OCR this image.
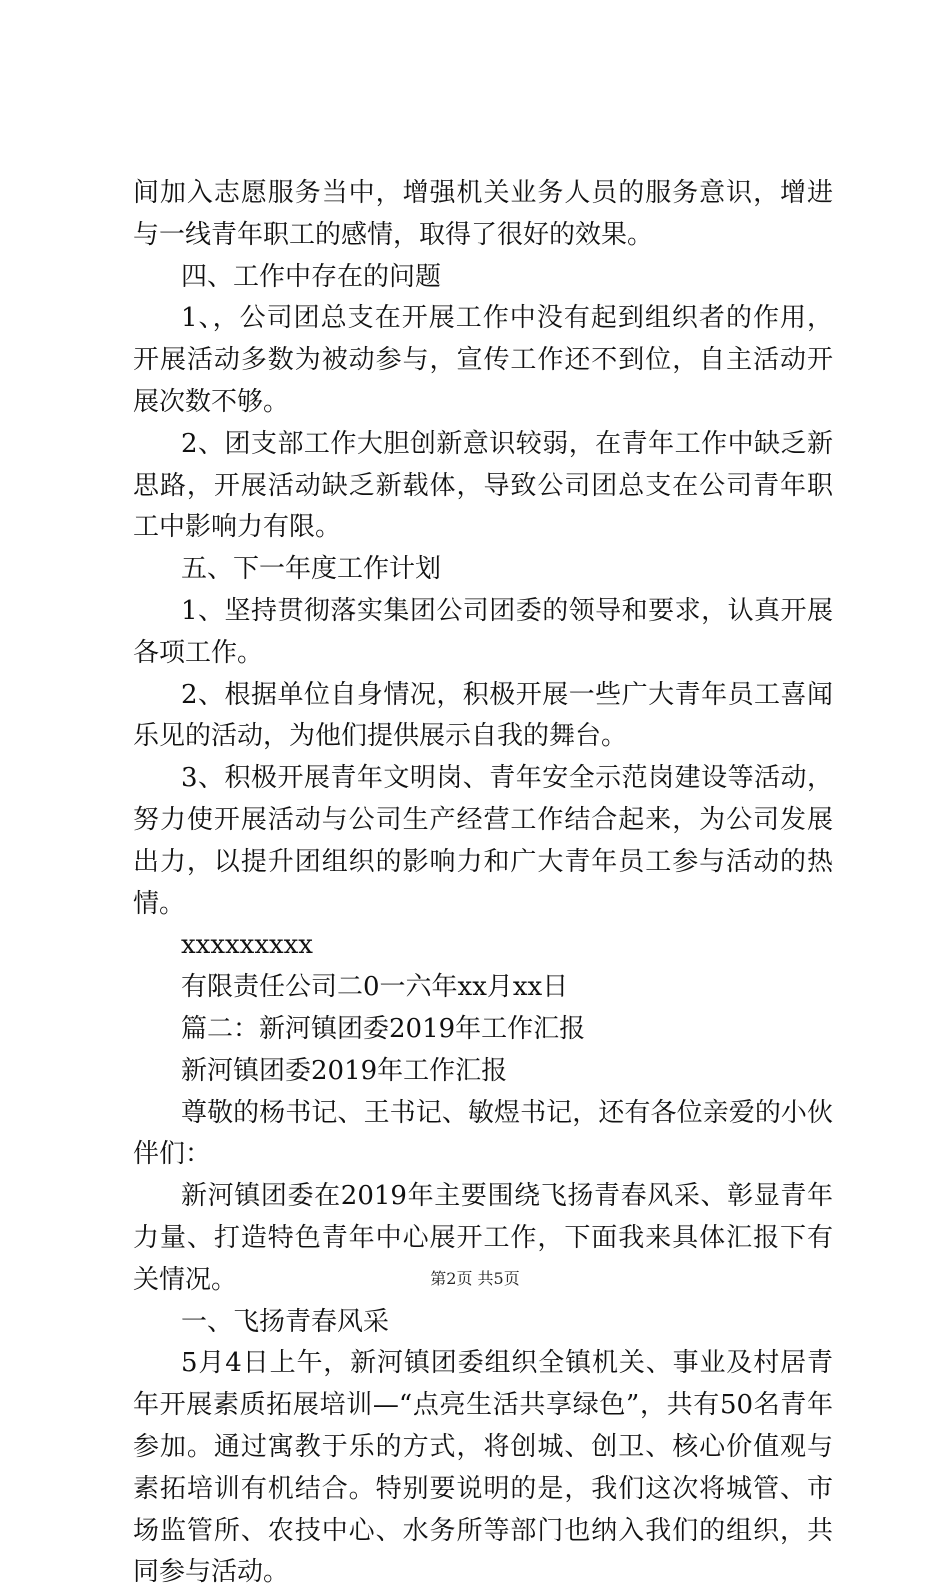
间加入志愿服务当中，增强机关业务人员的服务意识，增进与一线青年职工的感情，取得了很好的效果。

四、工作中存在的问题

1、，公司团总支在开展工作中没有起到组织者的作用，开展活动多数为被动参与，宣传工作还不到位，自主活动开展次数不够。

2、团支部工作大胆创新意识较弱，在青年工作中缺乏新思路，开展活动缺乏新载体，导致公司团总支在公司青年职工中影响力有限。

五、下一年度工作计划

1、坚持贯彻落实集团公司团委的领导和要求，认真开展各项工作。

2、根据单位自身情况，积极开展一些广大青年员工喜闻乐见的活动，为他们提供展示自我的舞台。

3、积极开展青年文明岗、青年安全示范岗建设等活动，努力使开展活动与公司生产经营工作结合起来，为公司发展出力，以提升团组织的影响力和广大青年员工参与活动的热情。

xxxxxxxxx

有限责任公司二0一六年xx月xx日

篇二：新河镇团委2019年工作汇报

新河镇团委2019年工作汇报

尊敬的杨书记、王书记、敏煜书记，还有各位亲爱的小伙伴们：

新河镇团委在2019年主要围绕飞扬青春风采、彰显青年力量、打造特色青年中心展开工作，下面我来具体汇报下有关情况。

一、飞扬青春风采

5月4日上午，新河镇团委组织全镇机关、事业及村居青年开展素质拓展培训—“点亮生活共享绿色”，共有50名青年参加。通过寓教于乐的方式，将创城、创卫、核心价值观与素拓培训有机结合。特别要说明的是，我们这次将城管、市场监管所、农技中心、水务所等部门也纳入我们的组织，共同参与活动。

第2页 共5页
